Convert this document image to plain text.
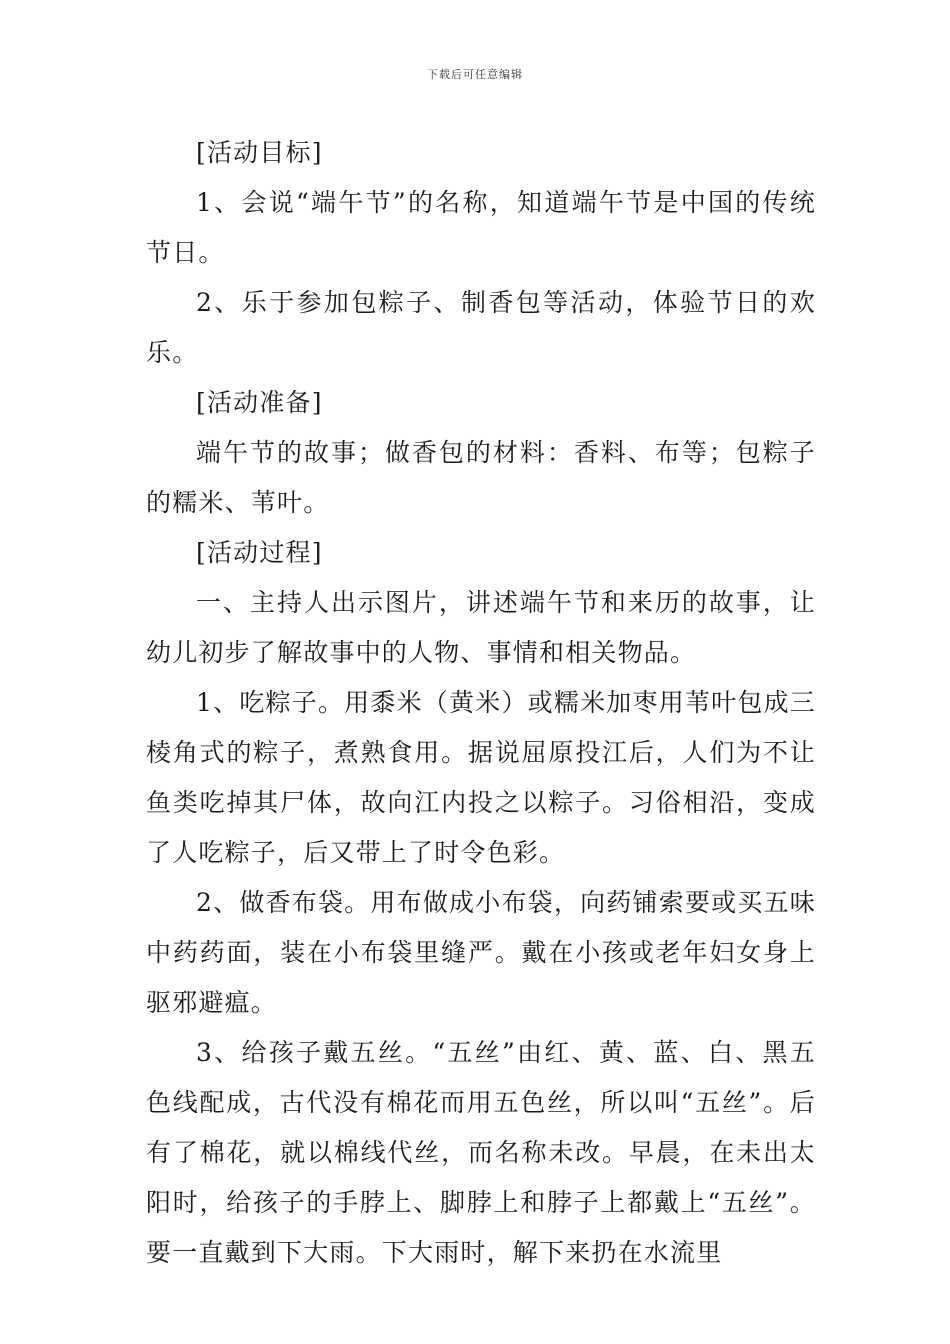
下载后可任意编辑

[活动目标]

1、会说“端午节”的名称，知道端午节是中国的传统节日。

2、乐于参加包粽子、制香包等活动，体验节日的欢乐。

[活动准备]

端午节的故事；做香包的材料：香料、布等；包粽子的糯米、苇叶。

[活动过程]

一、主持人出示图片，讲述端午节和来历的故事，让幼儿初步了解故事中的人物、事情和相关物品。

1、吃粽子。用黍米（黄米）或糯米加枣用苇叶包成三棱角式的粽子，煮熟食用。据说屈原投江后，人们为不让鱼类吃掉其尸体，故向江内投之以粽子。习俗相沿，变成了人吃粽子，后又带上了时令色彩。

2、做香布袋。用布做成小布袋，向药铺索要或买五味中药药面，装在小布袋里缝严。戴在小孩或老年妇女身上驱邪避瘟。

3、给孩子戴五丝。“五丝”由红、黄、蓝、白、黑五色线配成，古代没有棉花而用五色丝，所以叫“五丝”。后有了棉花，就以棉线代丝，而名称未改。早晨，在未出太阳时，给孩子的手脖上、脚脖上和脖子上都戴上“五丝”。要一直戴到下大雨。下大雨时，解下来扔在水流里
